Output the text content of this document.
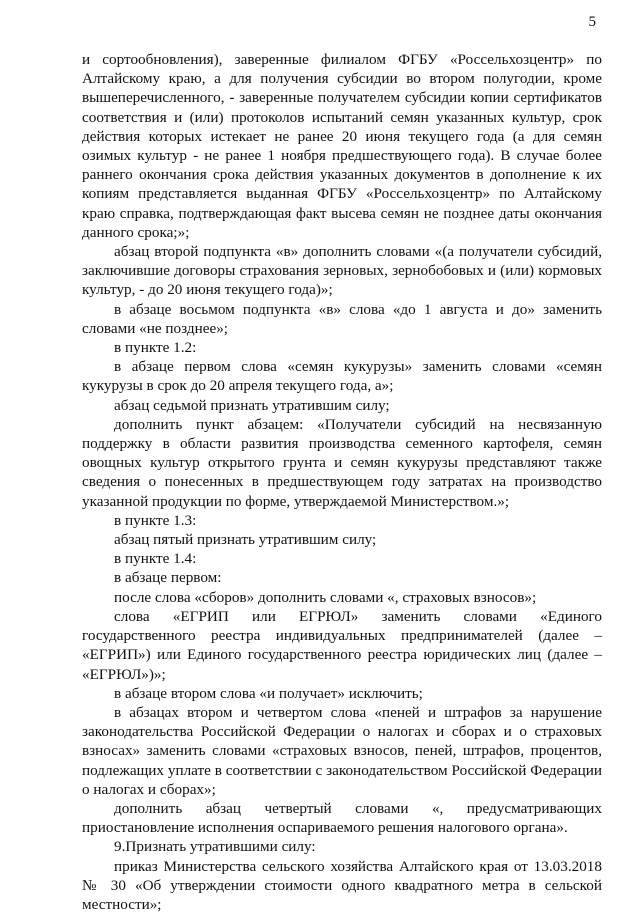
5

и сортообновления), заверенные филиалом ФГБУ «Россельхозцентр» по Алтайскому краю, а для получения субсидии во втором полугодии, кроме вышеперечисленного, - заверенные получателем субсидии копии сертификатов соответствия и (или) протоколов испытаний семян указанных культур, срок действия которых истекает не ранее 20 июня текущего года (а для семян озимых культур - не ранее 1 ноября предшествующего года). В случае более раннего окончания срока действия указанных документов в дополнение к их копиям представляется выданная ФГБУ «Россельхозцентр» по Алтайскому краю справка, подтверждающая факт высева семян не позднее даты окончания данного срока;»;

абзац второй подпункта «в» дополнить словами «(а получатели субсидий, заключившие договоры страхования зерновых, зернобобовых и (или) кормовых культур, - до 20 июня текущего года)»;

в абзаце восьмом подпункта «в» слова «до 1 августа и до» заменить словами «не позднее»;

в пункте 1.2:

в абзаце первом слова «семян кукурузы» заменить словами «семян кукурузы в срок до 20 апреля текущего года, а»;

абзац седьмой признать утратившим силу;

дополнить пункт абзацем: «Получатели субсидий на несвязанную поддержку в области развития производства семенного картофеля, семян овощных культур открытого грунта и семян кукурузы представляют также сведения о понесенных в предшествующем году затратах на производство указанной продукции по форме, утверждаемой Министерством.»;

в пункте 1.3:

абзац пятый признать утратившим силу;

в пункте 1.4:

в абзаце первом:

после слова «сборов» дополнить словами «, страховых взносов»;

слова «ЕГРИП или ЕГРЮЛ» заменить словами «Единого государственного реестра индивидуальных предпринимателей (далее – «ЕГРИП») или Единого государственного реестра юридических лиц (далее – «ЕГРЮЛ»)»;

в абзаце втором слова «и получает» исключить;

в абзацах втором и четвертом слова «пеней и штрафов за нарушение законодательства Российской Федерации о налогах и сборах и о страховых взносах» заменить словами «страховых взносов, пеней, штрафов, процентов, подлежащих уплате в соответствии с законодательством Российской Федерации о налогах и сборах»;

дополнить абзац четвертый словами «, предусматривающих приостановление исполнения оспариваемого решения налогового органа».

9.Признать утратившими силу:

приказ Министерства сельского хозяйства Алтайского края от 13.03.2018 № 30 «Об утверждении стоимости одного квадратного метра в сельской местности»;
